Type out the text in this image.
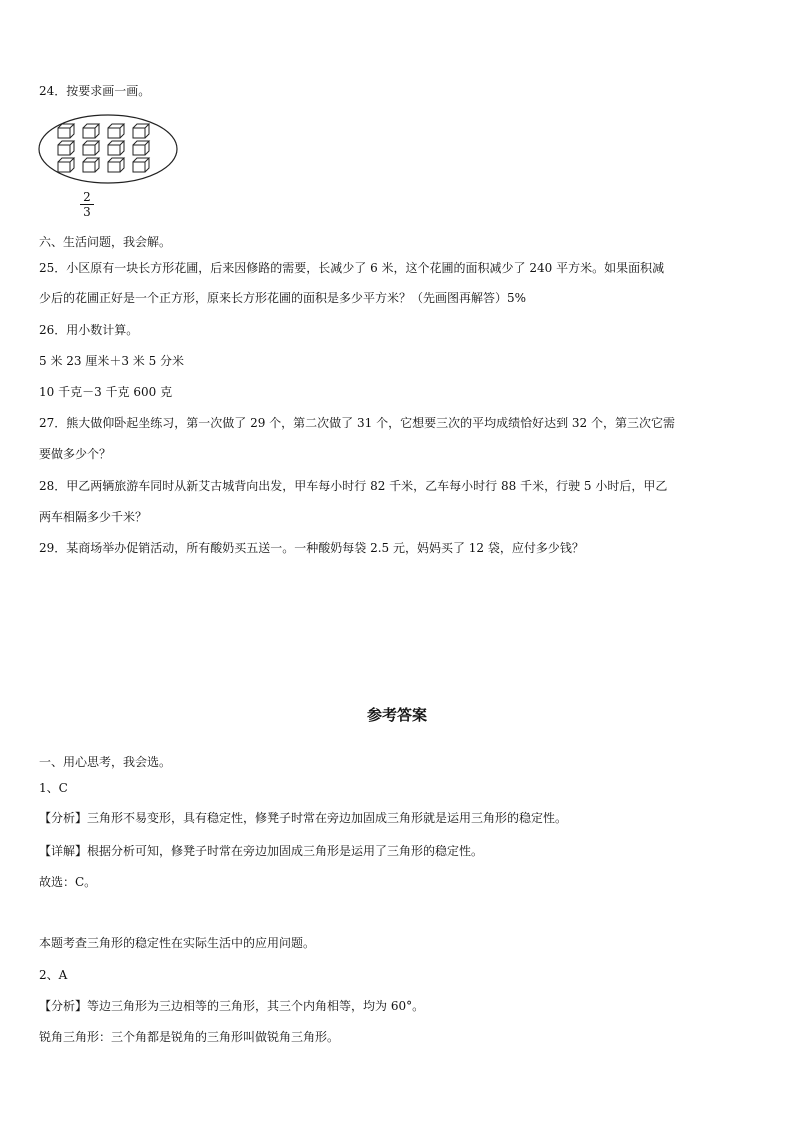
24．按要求画一画。
$\frac{2}{3}$
六、生活问题，我会解。
25．小区原有一块长方形花圃，后来因修路的需要，长减少了 6 米，这个花圃的面积减少了 240 平方米。如果面积减
少后的花圃正好是一个正方形，原来长方形花圃的面积是多少平方米？（先画图再解答）5%
26．用小数计算。
5 米 23 厘米＋3 米 5 分米
10 千克－3 千克 600 克
27．熊大做仰卧起坐练习，第一次做了 29 个，第二次做了 31 个，它想要三次的平均成绩恰好达到 32 个，第三次它需
要做多少个？
28．甲乙两辆旅游车同时从新艾古城背向出发，甲车每小时行 82 千米，乙车每小时行 88 千米，行驶 5 小时后，甲乙
两车相隔多少千米？
29．某商场举办促销活动，所有酸奶买五送一。一种酸奶每袋 2.5 元，妈妈买了 12 袋，应付多少钱？
参考答案
一、用心思考，我会选。
1、C
【分析】三角形不易变形，具有稳定性，修凳子时常在旁边加固成三角形就是运用三角形的稳定性。
【详解】根据分析可知，修凳子时常在旁边加固成三角形是运用了三角形的稳定性。
故选：C。
本题考查三角形的稳定性在实际生活中的应用问题。
2、A
【分析】等边三角形为三边相等的三角形，其三个内角相等，均为 60°。
锐角三角形：三个角都是锐角的三角形叫做锐角三角形。
